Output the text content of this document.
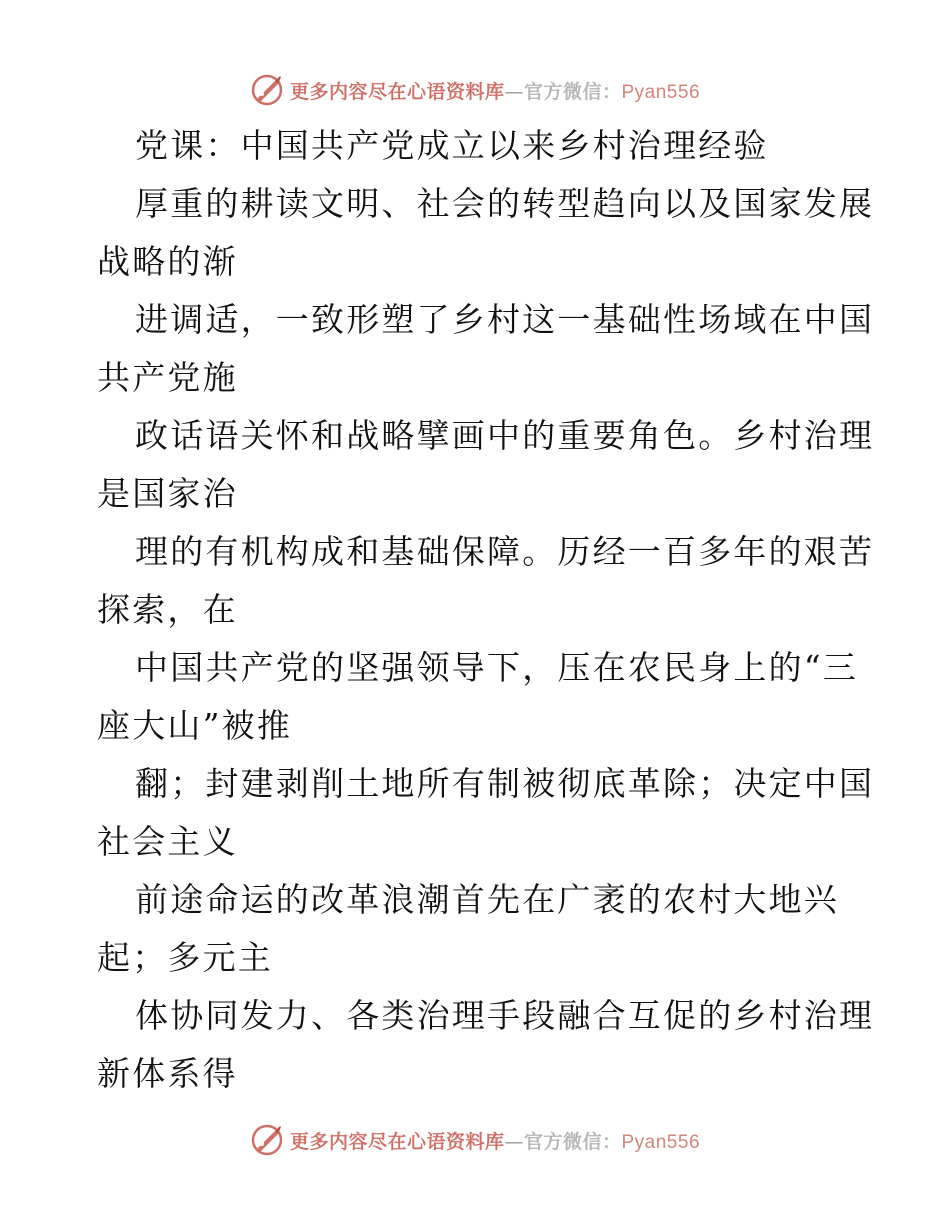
更多内容尽在心语资料库—官方微信：Pyan556
党课：中国共产党成立以来乡村治理经验
厚重的耕读文明、社会的转型趋向以及国家发展
战略的渐
进调适，一致形塑了乡村这一基础性场域在中国
共产党施
政话语关怀和战略擘画中的重要角色。乡村治理
是国家治
理的有机构成和基础保障。历经一百多年的艰苦
探索，在
中国共产党的坚强领导下，压在农民身上的“三
座大山”被推
翻；封建剥削土地所有制被彻底革除；决定中国
社会主义
前途命运的改革浪潮首先在广袤的农村大地兴
起；多元主
体协同发力、各类治理手段融合互促的乡村治理
新体系得
更多内容尽在心语资料库—官方微信：Pyan556
